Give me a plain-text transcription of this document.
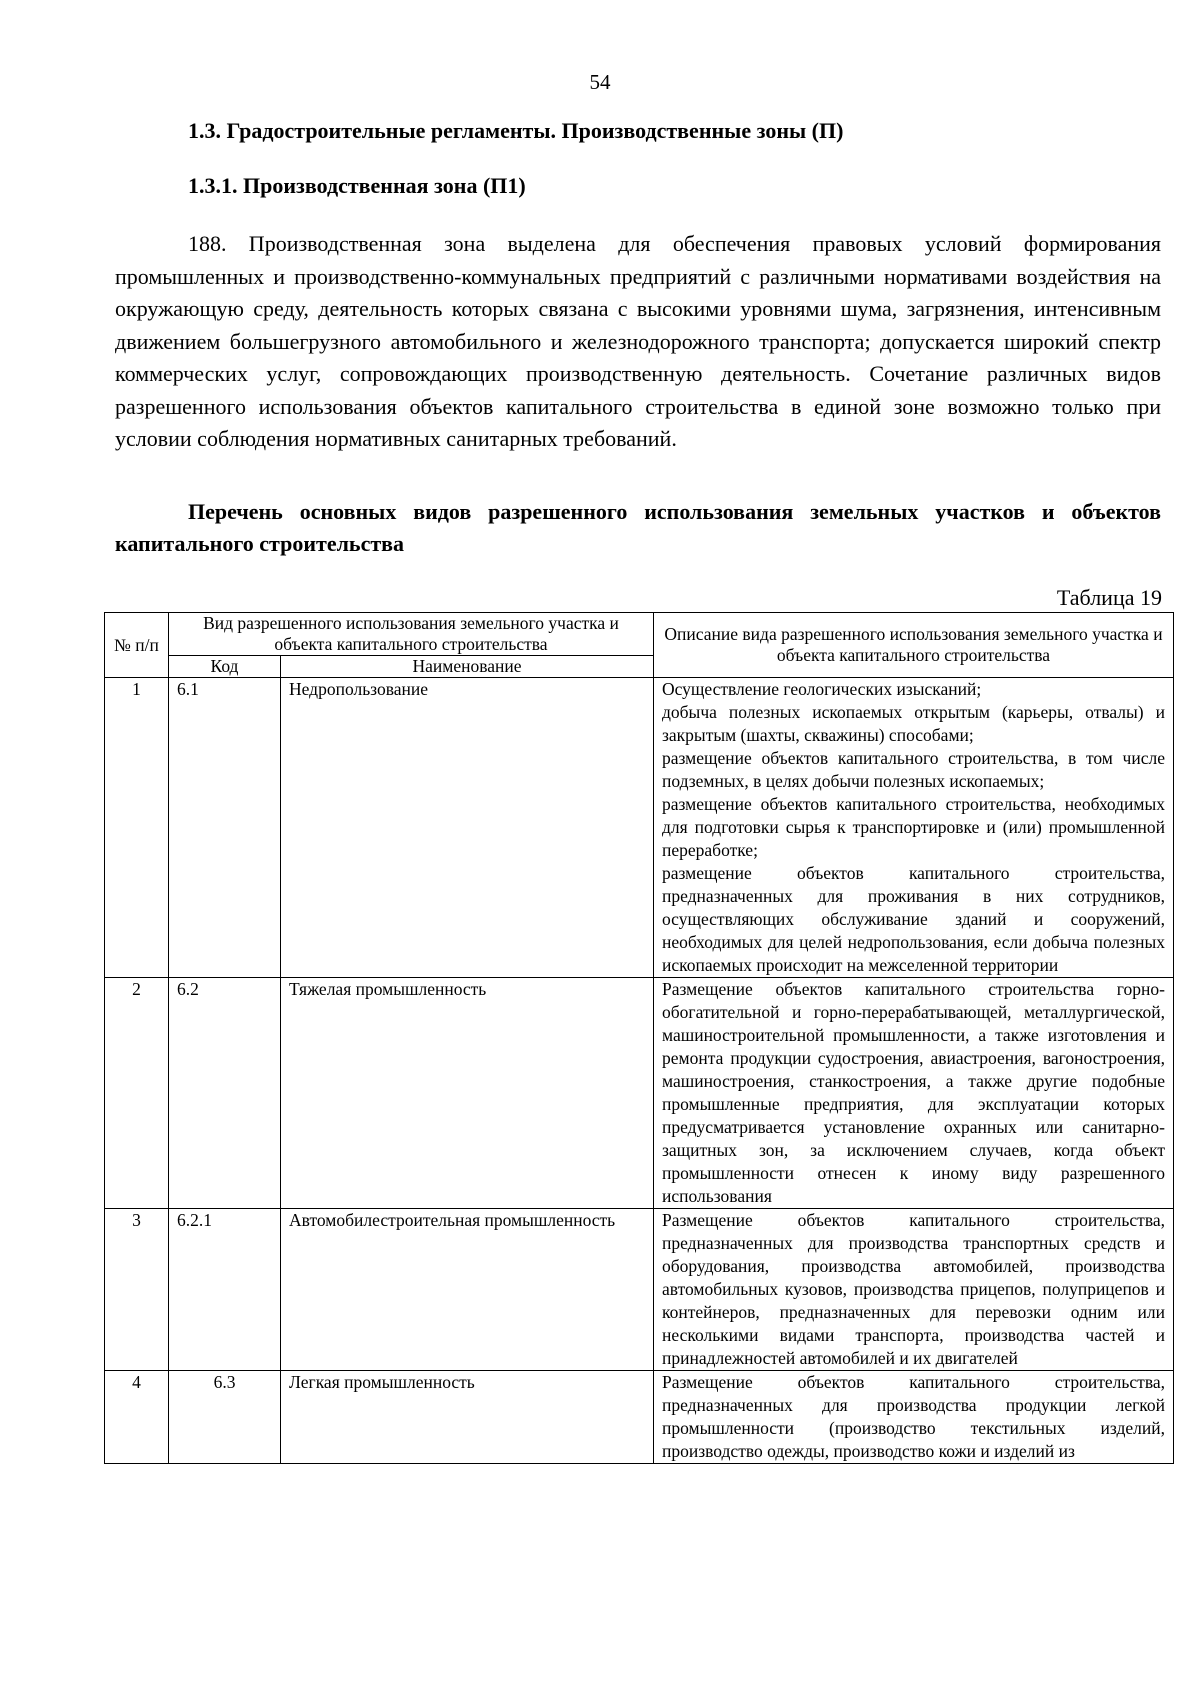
54
1.3. Градостроительные регламенты. Производственные зоны (П)
1.3.1. Производственная зона (П1)

188. Производственная зона выделена для обеспечения правовых условий формирования промышленных и производственно-коммунальных предприятий с различными нормативами воздействия на окружающую среду, деятельность которых связана с высокими уровнями шума, загрязнения, интенсивным движением большегрузного автомобильного и железнодорожного транспорта; допускается широкий спектр коммерческих услуг, сопровождающих производственную деятельность. Сочетание различных видов разрешенного использования объектов капитального строительства в единой зоне возможно только при условии соблюдения нормативных санитарных требований.

Перечень основных видов разрешенного использования земельных участков и объектов капитального строительства

Таблица 19
№ п/п	Вид разрешенного использования земельного участка и объекта капитального строительства		Описание вида разрешенного использования земельного участка и объекта капитального строительства
	Код	Наименование	
1	6.1	Недропользование	Осуществление геологических изысканий;
добыча полезных ископаемых открытым (карьеры, отвалы) и закрытым (шахты, скважины) способами;
размещение объектов капитального строительства, в том числе подземных, в целях добычи полезных ископаемых;
размещение объектов капитального строительства, необходимых для подготовки сырья к транспортировке и (или) промышленной переработке;
размещение объектов капитального строительства, предназначенных для проживания в них сотрудников, осуществляющих обслуживание зданий и сооружений, необходимых для целей недропользования, если добыча полезных ископаемых происходит на межселенной территории

2	6.2	Тяжелая промышленность	Размещение объектов капитального строительства горно-обогатительной и горно-перерабатывающей, металлургической, машиностроительной промышленности, а также изготовления и ремонта продукции судостроения, авиастроения, вагоностроения, машиностроения, станкостроения, а также другие подобные промышленные предприятия, для эксплуатации которых предусматривается установление охранных или санитарно-защитных зон, за исключением случаев, когда объект промышленности отнесен к иному виду разрешенного использования

3	6.2.1	Автомобилестроительная промышленность	Размещение объектов капитального строительства, предназначенных для производства транспортных средств и оборудования, производства автомобилей, производства автомобильных кузовов, производства прицепов, полуприцепов и контейнеров, предназначенных для перевозки одним или несколькими видами транспорта, производства частей и принадлежностей автомобилей и их двигателей

4	6.3	Легкая промышленность	Размещение объектов капитального строительства, предназначенных для производства продукции легкой промышленности (производство текстильных изделий, производство одежды, производство кожи и изделий из
